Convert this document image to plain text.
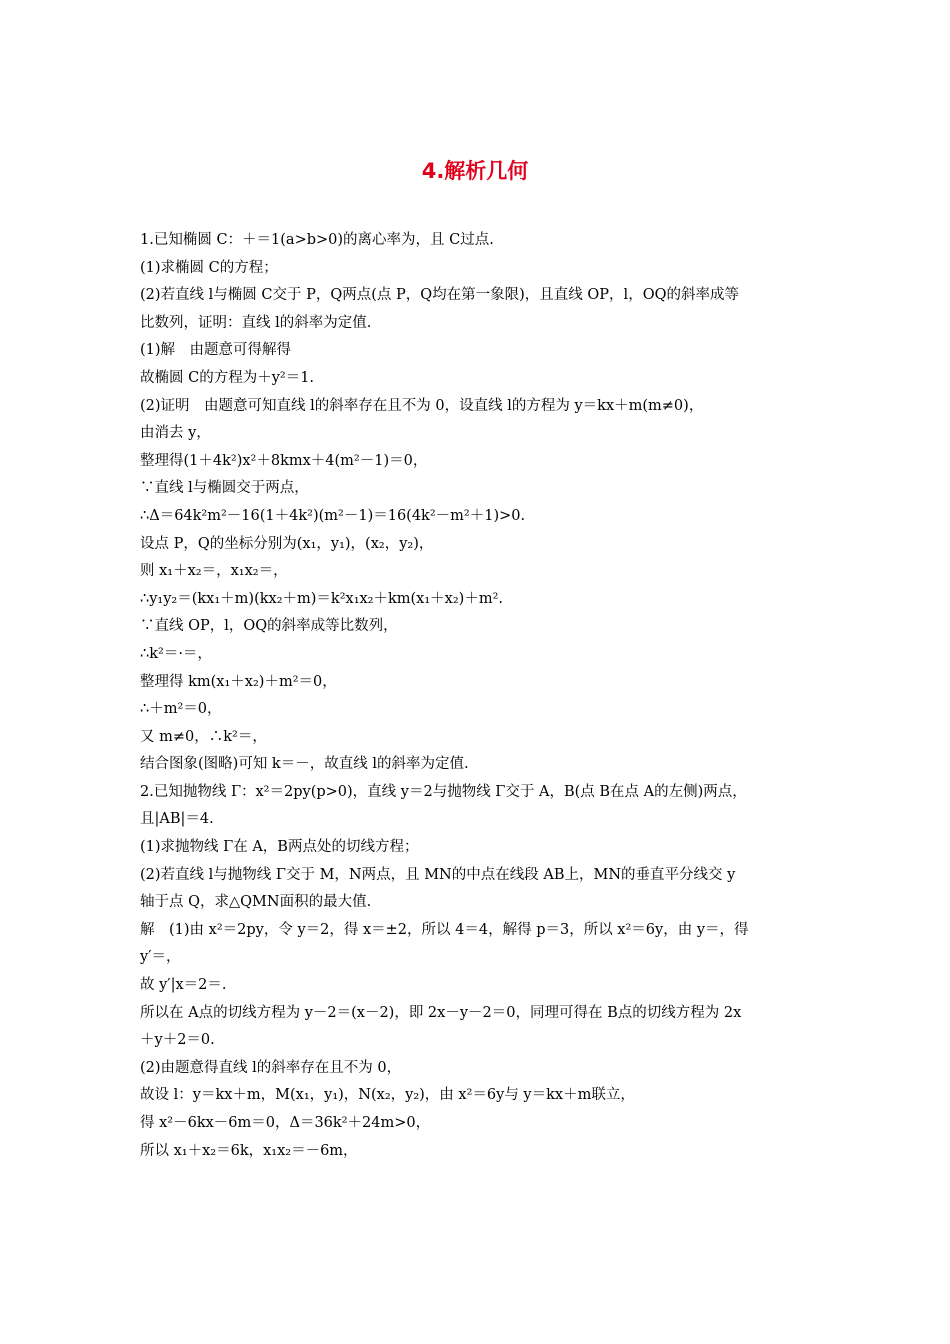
4.解析几何
1.已知椭圆 C：＋＝1(a>b>0)的离心率为，且 C过点.
(1)求椭圆 C的方程；
(2)若直线 l与椭圆 C交于 P，Q两点(点 P，Q均在第一象限)，且直线 OP，l，OQ的斜率成等
比数列，证明：直线 l的斜率为定值.
(1)解　由题意可得解得
故椭圆 C的方程为＋y²＝1.
(2)证明　由题意可知直线 l的斜率存在且不为 0，设直线 l的方程为 y＝kx＋m(m≠0)，
由消去 y，
整理得(1＋4k²)x²＋8kmx＋4(m²－1)＝0，
∵直线 l与椭圆交于两点，
∴Δ＝64k²m²－16(1＋4k²)(m²－1)＝16(4k²－m²＋1)>0.
设点 P，Q的坐标分别为(x₁，y₁)，(x₂，y₂)，
则 x₁＋x₂＝，x₁x₂＝，
∴y₁y₂＝(kx₁＋m)(kx₂＋m)＝k²x₁x₂＋km(x₁＋x₂)＋m².
∵直线 OP，l，OQ的斜率成等比数列，
∴k²＝·＝，
整理得 km(x₁＋x₂)＋m²＝0，
∴＋m²＝0，
又 m≠0，∴k²＝，
结合图象(图略)可知 k＝－，故直线 l的斜率为定值.
2.已知抛物线 Γ：x²＝2py(p>0)，直线 y＝2与抛物线 Γ交于 A，B(点 B在点 A的左侧)两点，
且|AB|＝4.
(1)求抛物线 Γ在 A，B两点处的切线方程；
(2)若直线 l与抛物线 Γ交于 M，N两点，且 MN的中点在线段 AB上，MN的垂直平分线交 y
轴于点 Q，求△QMN面积的最大值.
解　(1)由 x²＝2py，令 y＝2，得 x＝±2，所以 4＝4，解得 p＝3，所以 x²＝6y，由 y＝，得
y′＝，
故 y′|x＝2＝.
所以在 A点的切线方程为 y－2＝(x－2)，即 2x－y－2＝0，同理可得在 B点的切线方程为 2x
＋y＋2＝0.
(2)由题意得直线 l的斜率存在且不为 0，
故设 l：y＝kx＋m，M(x₁，y₁)，N(x₂，y₂)，由 x²＝6y与 y＝kx＋m联立，
得 x²－6kx－6m＝0，Δ＝36k²＋24m>0，
所以 x₁＋x₂＝6k，x₁x₂＝－6m，
